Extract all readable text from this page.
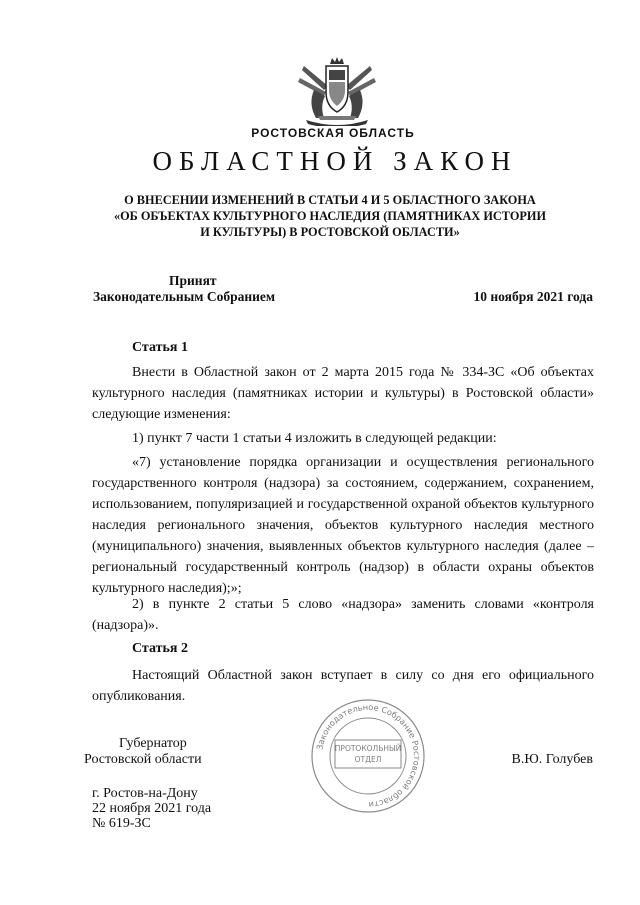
РОСТОВСКАЯ ОБЛАСТЬ
ОБЛАСТНОЙ ЗАКОН

О ВНЕСЕНИИ ИЗМЕНЕНИЙ В СТАТЬИ 4 И 5 ОБЛАСТНОГО ЗАКОНА
«ОБ ОБЪЕКТАХ КУЛЬТУРНОГО НАСЛЕДИЯ (ПАМЯТНИКАХ ИСТОРИИ
И КУЛЬТУРЫ) В РОСТОВСКОЙ ОБЛАСТИ»

Принят
Законодательным Собранием	10 ноября 2021 года
Статья 1

Внести в Областной закон от 2 марта 2015 года № 334-ЗС «Об объектах культурного наследия (памятниках истории и культуры) в Ростовской области» следующие изменения:

1) пункт 7 части 1 статьи 4 изложить в следующей редакции:

«7) установление порядка организации и осуществления регионального государственного контроля (надзора) за состоянием, содержанием, сохранением, использованием, популяризацией и государственной охраной объектов культурного наследия регионального значения, объектов культурного наследия местного (муниципального) значения, выявленных объектов культурного наследия (далее – региональный государственный контроль (надзор) в области охраны объектов культурного наследия);»;

2) в пункте 2 статьи 5 слово «надзора» заменить словами «контроля (надзора)».

Статья 2

Настоящий Областной закон вступает в силу со дня его официального опубликования.

Губернатор
Ростовской области	В.Ю. Голубев
Законодательное Собрание Ростовской области
ПРОТОКОЛЬНЫЙ
ОТДЕЛ
г. Ростов-на-Дону
22 ноября 2021 года
№ 619-ЗС
